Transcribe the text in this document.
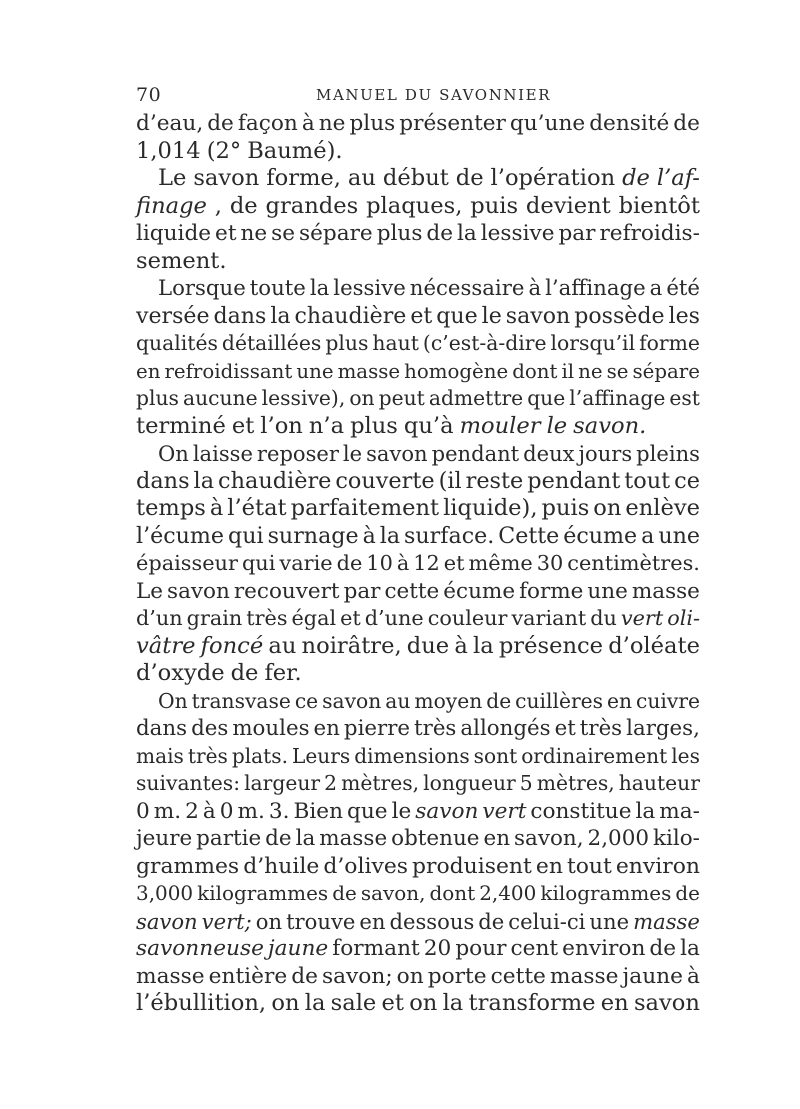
70	MANUEL DU SAVONNIER
d’eau, de façon à ne plus présenter qu’une densité de
1,014 (2° Baumé).
Le savon forme, au début de l’opération de l’af-
finage , de grandes plaques, puis devient bientôt
liquide et ne se sépare plus de la lessive par refroidis-
sement.
Lorsque toute la lessive nécessaire à l’affinage a été
versée dans la chaudière et que le savon possède les
qualités détaillées plus haut (c’est-à-dire lorsqu’il forme
en refroidissant une masse homogène dont il ne se sépare
plus aucune lessive), on peut admettre que l’affinage est
terminé et l’on n’a plus qu’à mouler le savon.
On laisse reposer le savon pendant deux jours pleins
dans la chaudière couverte (il reste pendant tout ce
temps à l’état parfaitement liquide), puis on enlève
l’écume qui surnage à la surface. Cette écume a une
épaisseur qui varie de 10 à 12 et même 30 centimètres.
Le savon recouvert par cette écume forme une masse
d’un grain très égal et d’une couleur variant du vert oli-
vâtre foncé au noirâtre, due à la présence d’oléate
d’oxyde de fer.
On transvase ce savon au moyen de cuillères en cuivre
dans des moules en pierre très allongés et très larges,
mais très plats. Leurs dimensions sont ordinairement les
suivantes: largeur 2 mètres, longueur 5 mètres, hauteur
0 m. 2 à 0 m. 3. Bien que le savon vert constitue la ma-
jeure partie de la masse obtenue en savon, 2,000 kilo-
grammes d’huile d’olives produisent en tout environ
3,000 kilogrammes de savon, dont 2,400 kilogrammes de
savon vert; on trouve en dessous de celui-ci une masse
savonneuse jaune formant 20 pour cent environ de la
masse entière de savon; on porte cette masse jaune à
l’ébullition, on la sale et on la transforme en savon
